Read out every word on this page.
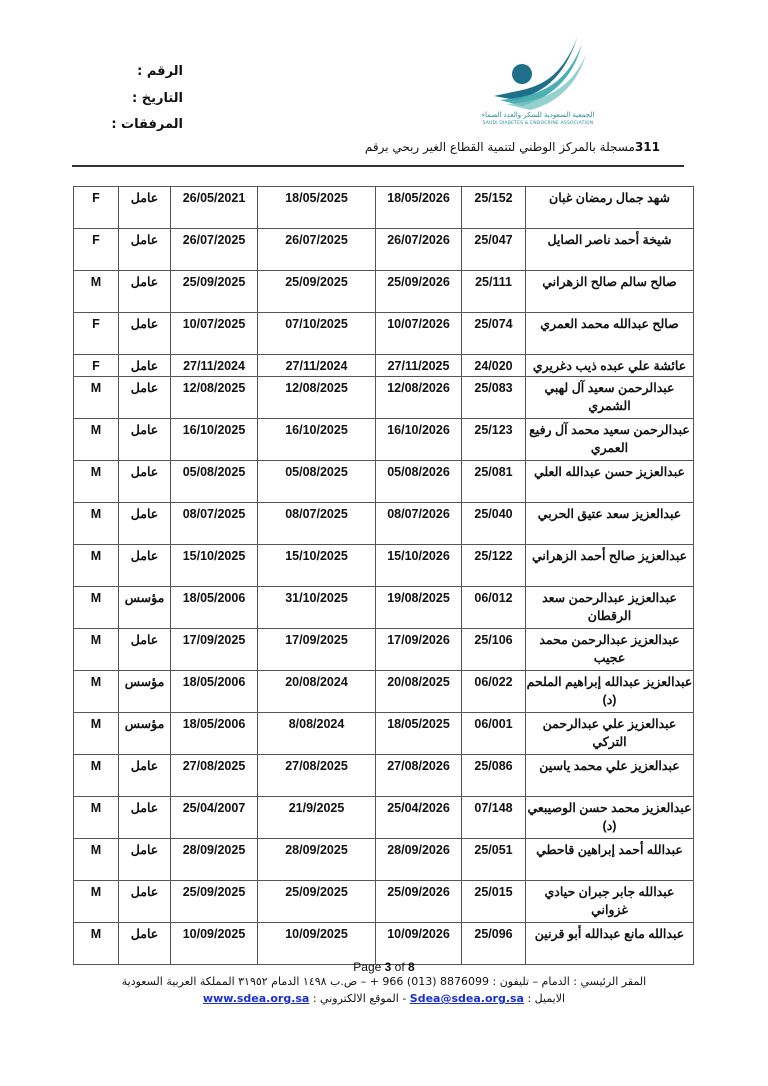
الرقم :
التاريخ :
المرفقات :
الجمعية السعودية للسكر والغدد الصماء
SAUDI DIABETES & ENDOCRINE ASSOCIATION
311مسجلة بالمركز الوطني لتنمية القطاع الغير ربحي برقم
F	عامل	26/05/2021	18/05/2025	18/05/2026	25/152	شهد جمال رمضان غبان
F	عامل	26/07/2025	26/07/2025	26/07/2026	25/047	شيخة أحمد ناصر الصايل
M	عامل	25/09/2025	25/09/2025	25/09/2026	25/111	صالح سالم صالح الزهراني
F	عامل	10/07/2025	07/10/2025	10/07/2026	25/074	صالح عبدالله محمد العمري
F	عامل	27/11/2024	27/11/2024	27/11/2025	24/020	عائشة علي عبده ذيب دغريري
M	عامل	12/08/2025	12/08/2025	12/08/2026	25/083	عبدالرحمن سعيد آل لهبي الشمري
M	عامل	16/10/2025	16/10/2025	16/10/2026	25/123	عبدالرحمن سعيد محمد آل رفيع العمري
M	عامل	05/08/2025	05/08/2025	05/08/2026	25/081	عبدالعزيز حسن عبدالله العلي
M	عامل	08/07/2025	08/07/2025	08/07/2026	25/040	عبدالعزيز سعد عتيق الحربي
M	عامل	15/10/2025	15/10/2025	15/10/2026	25/122	عبدالعزيز صالح أحمد الزهراني
M	مؤسس	18/05/2006	31/10/2025	19/08/2025	06/012	عبدالعزيز عبدالرحمن سعد الرقطان
M	عامل	17/09/2025	17/09/2025	17/09/2026	25/106	عبدالعزيز عبدالرحمن محمد عجيب
M	مؤسس	18/05/2006	20/08/2024	20/08/2025	06/022	عبدالعزيز عبدالله إبراهيم الملحم (د)
M	مؤسس	18/05/2006	8/08/2024	18/05/2025	06/001	عبدالعزيز علي عبدالرحمن التركي
M	عامل	27/08/2025	27/08/2025	27/08/2026	25/086	عبدالعزيز علي محمد ياسين
M	عامل	25/04/2007	21/9/2025	25/04/2026	07/148	عبدالعزيز محمد حسن الوصيبعي (د)
M	عامل	28/09/2025	28/09/2025	28/09/2026	25/051	عبدالله أحمد إبراهين قاحطي
M	عامل	25/09/2025	25/09/2025	25/09/2026	25/015	عبدالله جابر جبران حيادي غزواني
M	عامل	10/09/2025	10/09/2025	10/09/2026	25/096	عبدالله مانع عبدالله أبو قرنين
Page 3 of 8
المقر الرئيسي : الدمام – تليفون : 8876099 (013) 966 + – ص.ب ١٤٩٨ الدمام ٣١٩٥٢ المملكة العربية السعودية
الايميل : Sdea@sdea.org.sa - الموقع الالكتروني : www.sdea.org.sa
